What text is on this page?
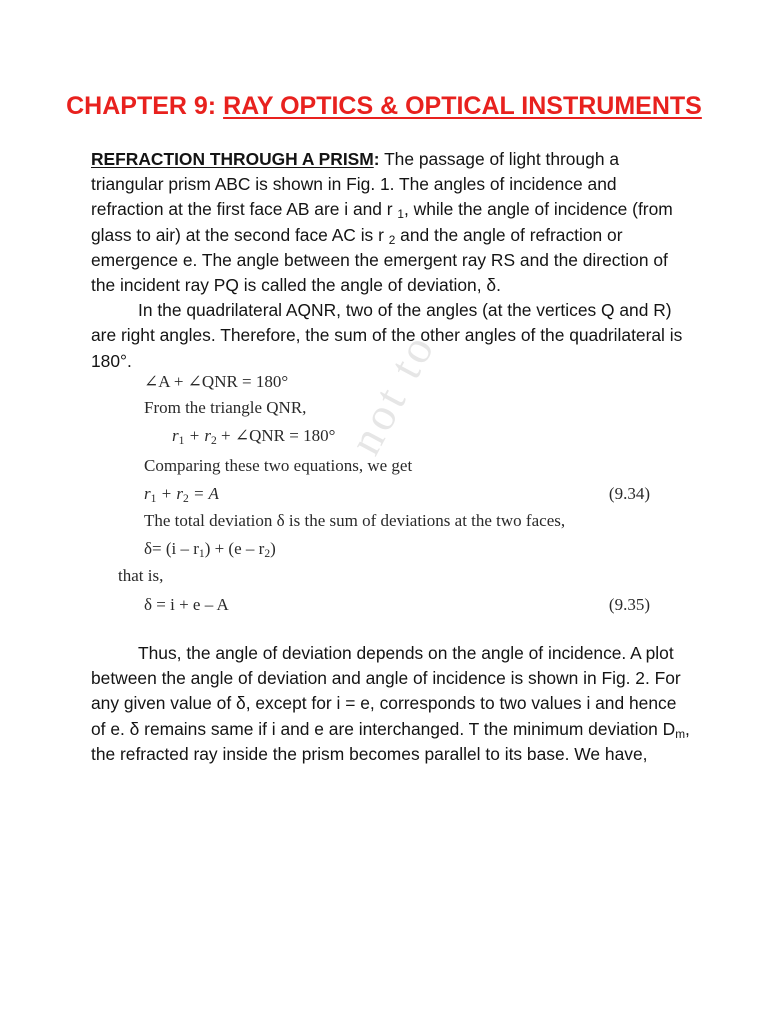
CHAPTER 9: RAY OPTICS & OPTICAL INSTRUMENTS
REFRACTION THROUGH A PRISM: The passage of light through a triangular prism ABC is shown in Fig. 1. The angles of incidence and refraction at the first face AB are i and r $_1$, while the angle of incidence (from glass to air) at the second face AC is r $_2$ and the angle of refraction or emergence e. The angle between the emergent ray RS and the direction of the incident ray PQ is called the angle of deviation, δ.
In the quadrilateral AQNR, two of the angles (at the vertices Q and R) are right angles. Therefore, the sum of the other angles of the quadrilateral is 180°.	not to
∠A + ∠QNR = 180°
From the triangle QNR,
$r_1 + r_2$ + ∠QNR = 180°
Comparing these two equations, we get
$r_1 + r_2 = A$	(9.34)
The total deviation δ is the sum of deviations at the two faces,
$\delta= (i - r_1) + (e - r_2)$
that is,
δ = i + e – A	(9.35)
Thus, the angle of deviation depends on the angle of incidence. A plot between the angle of deviation and angle of incidence is shown in Fig. 2. For any given value of δ, except for i = e, corresponds to two values i and hence of e. δ remains same if i and e are interchanged. T the minimum deviation $D_m$, the refracted ray inside the prism becomes parallel to its base. We have,
